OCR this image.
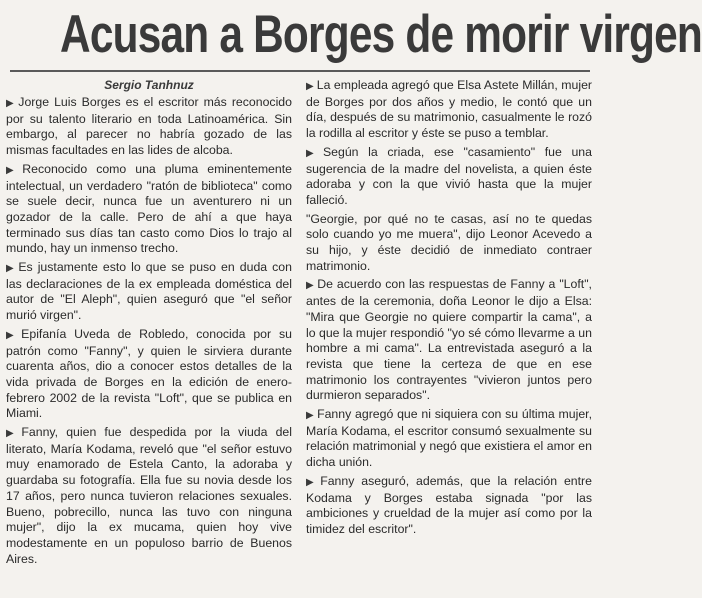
Acusan a Borges de morir virgen
Sergio Tanhnuz

▶ Jorge Luis Borges es el escritor más reconocido por su talento literario en toda Latinoamérica. Sin embargo, al parecer no habría gozado de las mismas facultades en las lides de alcoba.

▶ Reconocido como una pluma eminentemente intelectual, un verdadero "ratón de biblioteca" como se suele decir, nunca fue un aventurero ni un gozador de la calle. Pero de ahí a que haya terminado sus días tan casto como Dios lo trajo al mundo, hay un inmenso trecho.

▶ Es justamente esto lo que se puso en duda con las declaraciones de la ex empleada doméstica del autor de "El Aleph", quien aseguró que "el señor murió virgen".

▶ Epifanía Uveda de Robledo, conocida por su patrón como "Fanny", y quien le sirviera durante cuarenta años, dio a conocer estos detalles de la vida privada de Borges en la edición de enero-febrero 2002 de la revista "Loft", que se publica en Miami.

▶ Fanny, quien fue despedida por la viuda del literato, María Kodama, reveló que "el señor estuvo muy enamorado de Estela Canto, la adoraba y guardaba su fotografía. Ella fue su novia desde los 17 años, pero nunca tuvieron relaciones sexuales. Bueno, pobrecillo, nunca las tuvo con ninguna mujer", dijo la ex mucama, quien hoy vive modestamente en un populoso barrio de Buenos Aires.

▶ La empleada agregó que Elsa Astete Millán, mujer de Borges por dos años y medio, le contó que un día, después de su matrimonio, casualmente le rozó la rodilla al escritor y éste se puso a temblar.

▶ Según la criada, ese "casamiento" fue una sugerencia de la madre del novelista, a quien éste adoraba y con la que vivió hasta que la mujer falleció.

"Georgie, por qué no te casas, así no te quedas solo cuando yo me muera", dijo Leonor Acevedo a su hijo, y éste decidió de inmediato contraer matrimonio.

▶ De acuerdo con las respuestas de Fanny a "Loft", antes de la ceremonia, doña Leonor le dijo a Elsa: "Mira que Georgie no quiere compartir la cama", a lo que la mujer respondió "yo sé cómo llevarme a un hombre a mi cama". La entrevistada aseguró a la revista que tiene la certeza de que en ese matrimonio los contrayentes "vivieron juntos pero durmieron separados".

▶ Fanny agregó que ni siquiera con su última mujer, María Kodama, el escritor consumó sexualmente su relación matrimonial y negó que existiera el amor en dicha unión.

▶ Fanny aseguró, además, que la relación entre Kodama y Borges estaba signada "por las ambiciones y crueldad de la mujer así como por la timidez del escritor".
